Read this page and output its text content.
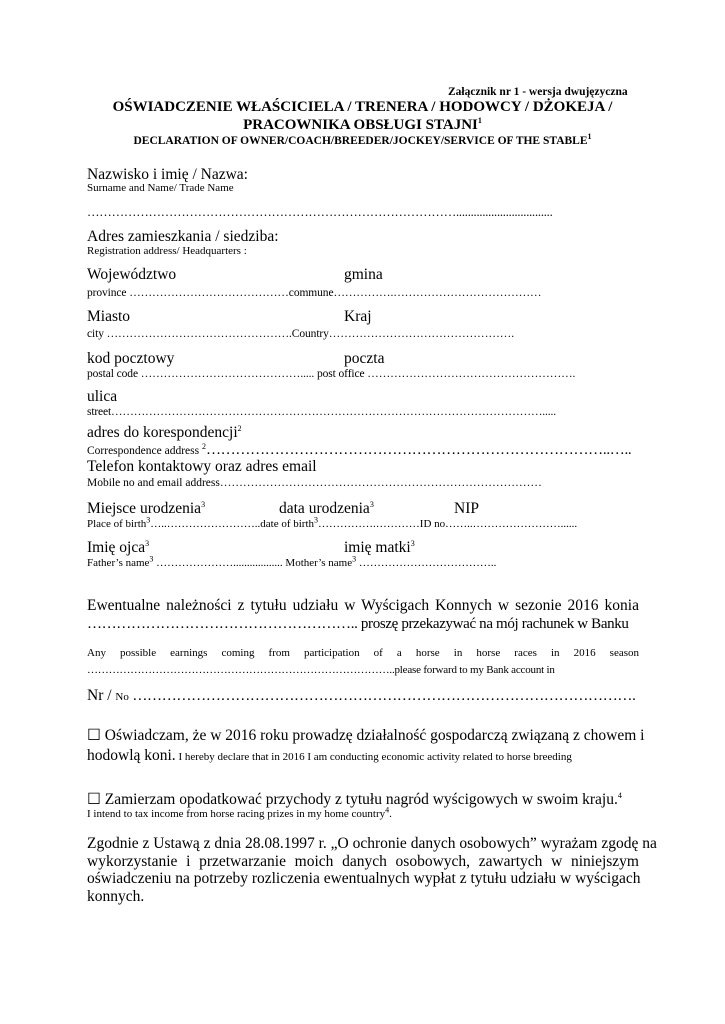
Załącznik nr 1 - wersja dwujęzyczna
OŚWIADCZENIE WŁAŚCICIELA / TRENERA / HODOWCY / DŻOKEJA /
PRACOWNIKA OBSŁUGI STAJNI$^1$
DECLARATION OF OWNER/COACH/BREEDER/JOCKEY/SERVICE OF THE STABLE$^1$
Nazwisko i imię / Nazwa:
Surname and Name/ Trade Name
……………………………………………………………………………….................................
Adres zamieszkania / siedziba:
Registration address/ Headquarters :
Województwo	gmina
province ……………………………………commune…………….…………………………………
Miasto	Kraj
city ………………………………………….Country………………………………………….
kod pocztowy	poczta
postal code ……………………………………..... post office ……………………………………………….
ulica
street…………………………………………………………………………………………………….....
adres do korespondencji$^2$
Correspondence address $^2$………………………………………………………………………..…..
Telefon kontaktowy oraz adres email
Mobile no and email address…………………………………………………………………………
Miejsce urodzenia$^3$	data urodzenia$^3$	NIP
Place of birth$^3$…..……………………..date of birth$^3$…………….…………ID no……..……………………......
Imię ojca$^3$	imię matki$^3$
Father’s name$^3$ ………………….................. Mother’s name$^3$ ………………………………..
Ewentualne należności z tytułu udziału w Wyścigach Konnych w sezonie 2016 konia
……………………………………………….. proszę przekazywać na mój rachunek w Banku
Any possible earnings coming from participation of a horse in horse races in 2016 season
…………………………………………………………………………..please forward to my Bank account in
Nr / No ………………………………………………………………………………………….
☐ Oświadczam, że w 2016 roku prowadzę działalność gospodarczą związaną z chowem i
hodowlą koni. I hereby declare that in 2016 I am conducting economic activity related to horse breeding
☐ Zamierzam opodatkować przychody z tytułu nagród wyścigowych w swoim kraju.$^4$
I intend to tax income from horse racing prizes in my home country$^4$.
Zgodnie z Ustawą z dnia 28.08.1997 r. „O ochronie danych osobowych” wyrażam zgodę na
wykorzystanie i przetwarzanie moich danych osobowych, zawartych w niniejszym
oświadczeniu na potrzeby rozliczenia ewentualnych wypłat z tytułu udziału w wyścigach
konnych.
